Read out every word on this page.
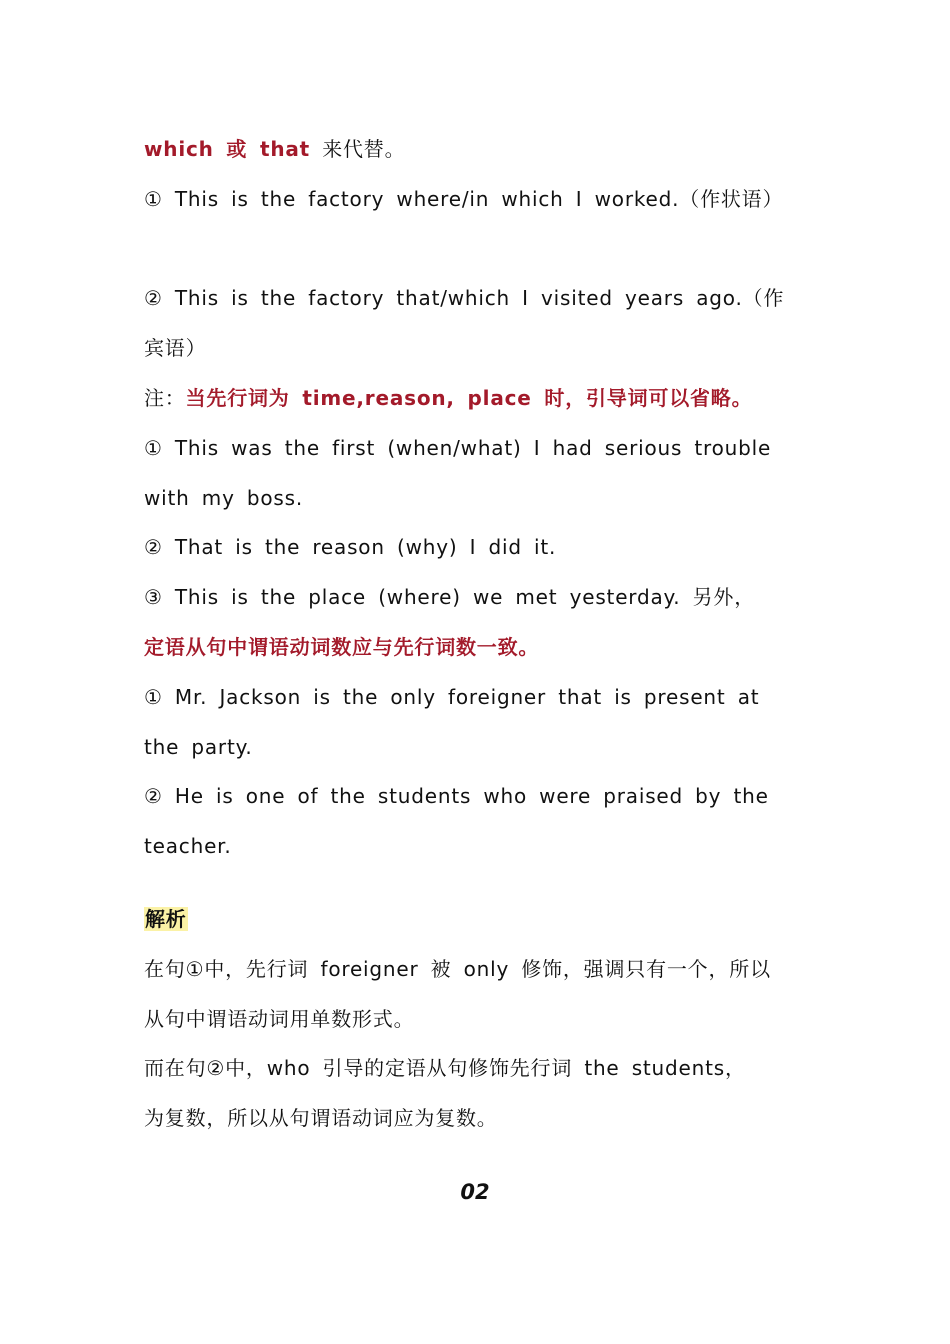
which 或 that 来代替。
① This is the factory where/in which I worked.（作状语）
② This is the factory that/which I visited years ago.（作
宾语）
注：当先行词为 time,reason, place 时，引导词可以省略。
① This was the first (when/what) I had serious trouble
with my boss.
② That is the reason (why) I did it.
③ This is the place (where) we met yesterday. 另外，
定语从句中谓语动词数应与先行词数一致。
① Mr. Jackson is the only foreigner that is present at
the party.
② He is one of the students who were praised by the
teacher.
解析
在句①中，先行词 foreigner 被 only 修饰，强调只有一个，所以
从句中谓语动词用单数形式。
而在句②中，who 引导的定语从句修饰先行词 the students，
为复数，所以从句谓语动词应为复数。
02
